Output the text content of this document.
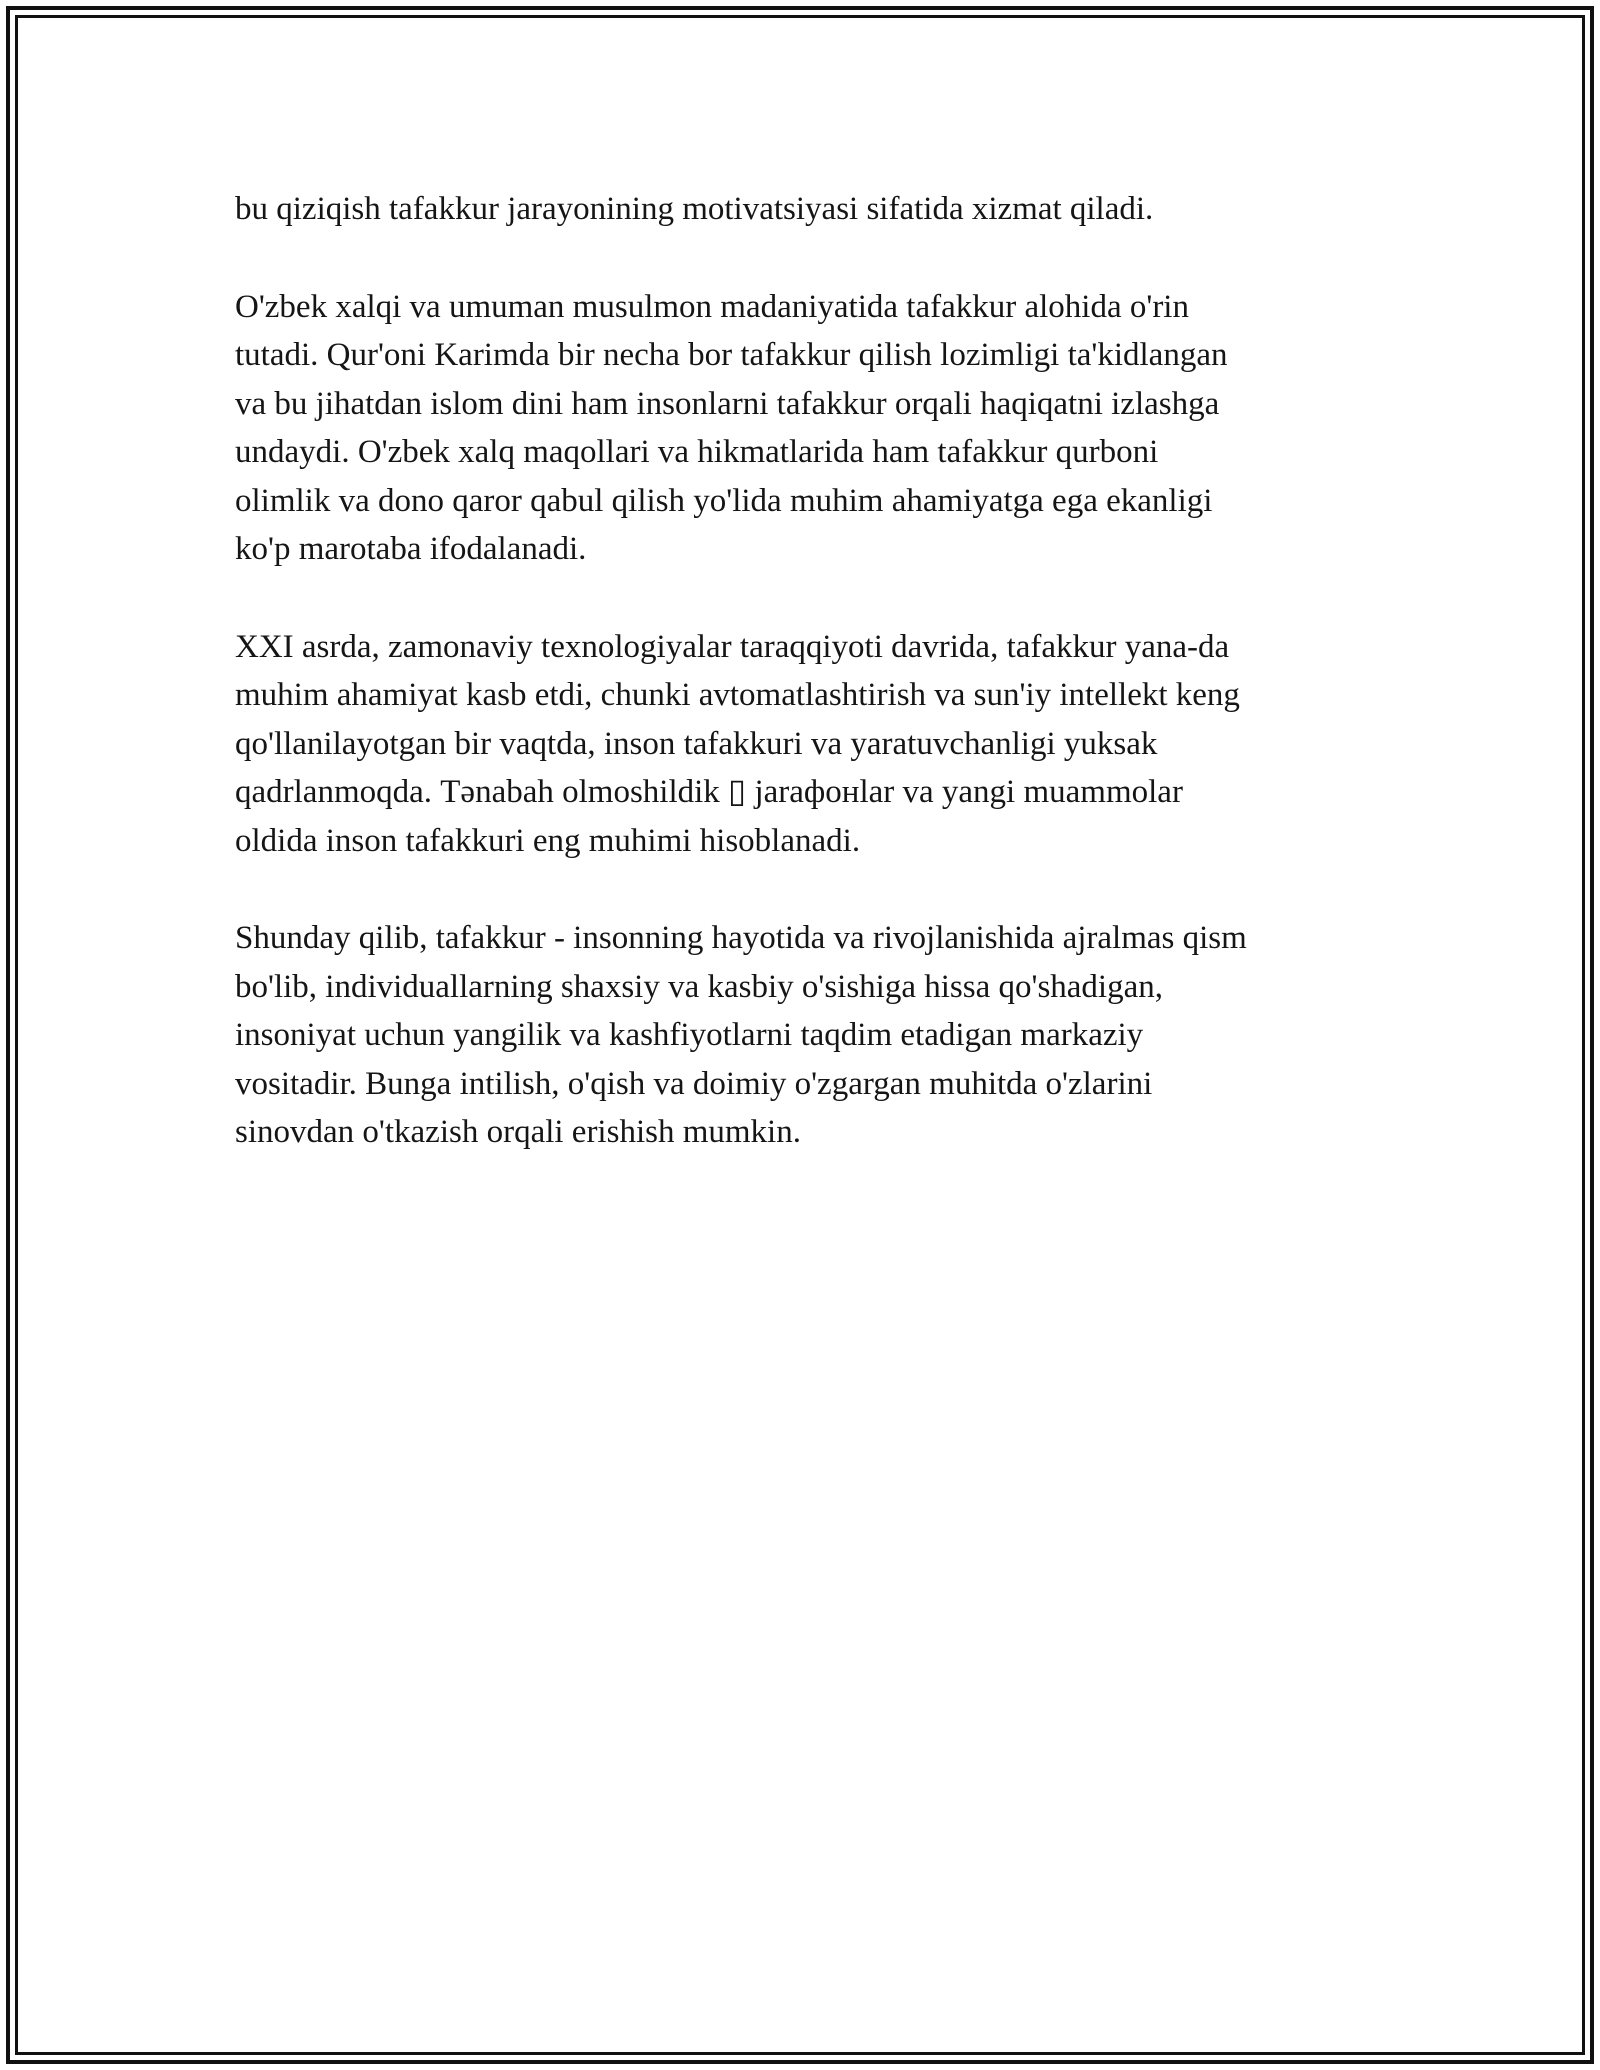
bu qiziqish tafakkur jarayonining motivatsiyasi sifatida xizmat qiladi.

O'zbek xalqi va umuman musulmon madaniyatida tafakkur alohida o'rin
tutadi. Qur'oni Karimda bir necha bor tafakkur qilish lozimligi ta'kidlangan
va bu jihatdan islom dini ham insonlarni tafakkur orqali haqiqatni izlashga
undaydi. O'zbek xalq maqollari va hikmatlarida ham tafakkur qurboni
olimlik va dono qaror qabul qilish yo'lida muhim ahamiyatga ega ekanligi
ko'p marotaba ifodalanadi.

XXI asrda, zamonaviy texnologiyalar taraqqiyoti davrida, tafakkur yana-da
muhim ahamiyat kasb etdi, chunki avtomatlashtirish va sun'iy intellekt keng
qo'llanilayotgan bir vaqtda, inson tafakkuri va yaratuvchanligi yuksak
qadrlanmoqda. Тәnabah olmoshildik ▯ jaraфонlar va yangi muammolar
oldida inson tafakkuri eng muhimi hisoblanadi.

Shunday qilib, tafakkur - insonning hayotida va rivojlanishida ajralmas qism
bo'lib, individuallarning shaxsiy va kasbiy o'sishiga hissa qo'shadigan,
insoniyat uchun yangilik va kashfiyotlarni taqdim etadigan markaziy
vositadir. Bunga intilish, o'qish va doimiy o'zgargan muhitda o'zlarini
sinovdan o'tkazish orqali erishish mumkin.
